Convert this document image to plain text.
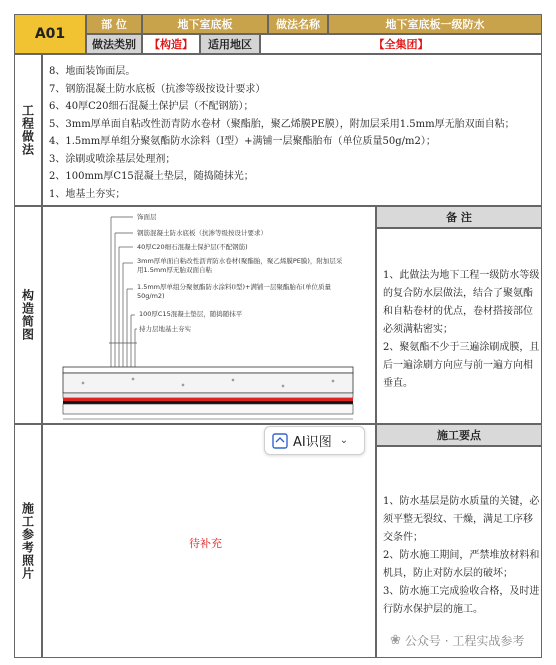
A01
部 位	地下室底板	做法名称	地下室底板一级防水
做法类别	【构造】	适用地区	【全集团】
工程做法
8、地面装饰面层。
7、钢筋混凝土防水底板（抗渗等级按设计要求）
6、40厚C20细石混凝土保护层（不配钢筋）；
5、3mm厚单面自粘改性沥青防水卷材（聚酯胎，聚乙烯膜PE膜），附加层采用1.5mm厚无胎双面自粘；
4、1.5mm厚单组分聚氨酯防水涂料（Ⅰ型）+满铺一层聚酯胎布（单位质量50g/m2）；
3、涂刷或喷涂基层处理剂；
2、100mm厚C15混凝土垫层，随捣随抹光；
1、地基土夯实；
构造简图
饰面层
钢筋混凝土防水底板（抗渗等级按设计要求）
40厚C20细石混凝土保护层(不配钢筋)
3mm厚单面自粘改性沥青防水卷材(聚酯胎，聚乙烯膜PE膜)，附加层采
用1.5mm厚无胎双面自粘
1.5mm厚单组分聚氨酯防水涂料(Ⅰ型)+满铺一层聚酯胎布(单位质量
50g/m2)
100厚C15混凝土垫层，随捣随抹平
持力层地基土夯实
备 注
1、此做法为地下工程一级防水等级的复合防水层做法，结合了聚氨酯和自粘卷材的优点，卷材搭接部位必须满粘密实；
2、聚氨酯不少于三遍涂刷成膜，且后一遍涂刷方向应与前一遍方向相垂直。
施工参考照片	待补充
AI识图 ⌄	施工要点
1、防水基层是防水质量的关键，必须平整无裂纹、干燥，满足工序移交条件；
2、防水施工期间，严禁堆放材料和机具，防止对防水层的破坏；
3、防水施工完成验收合格，及时进行防水保护层的施工。
❀ 公众号 · 工程实战参考
